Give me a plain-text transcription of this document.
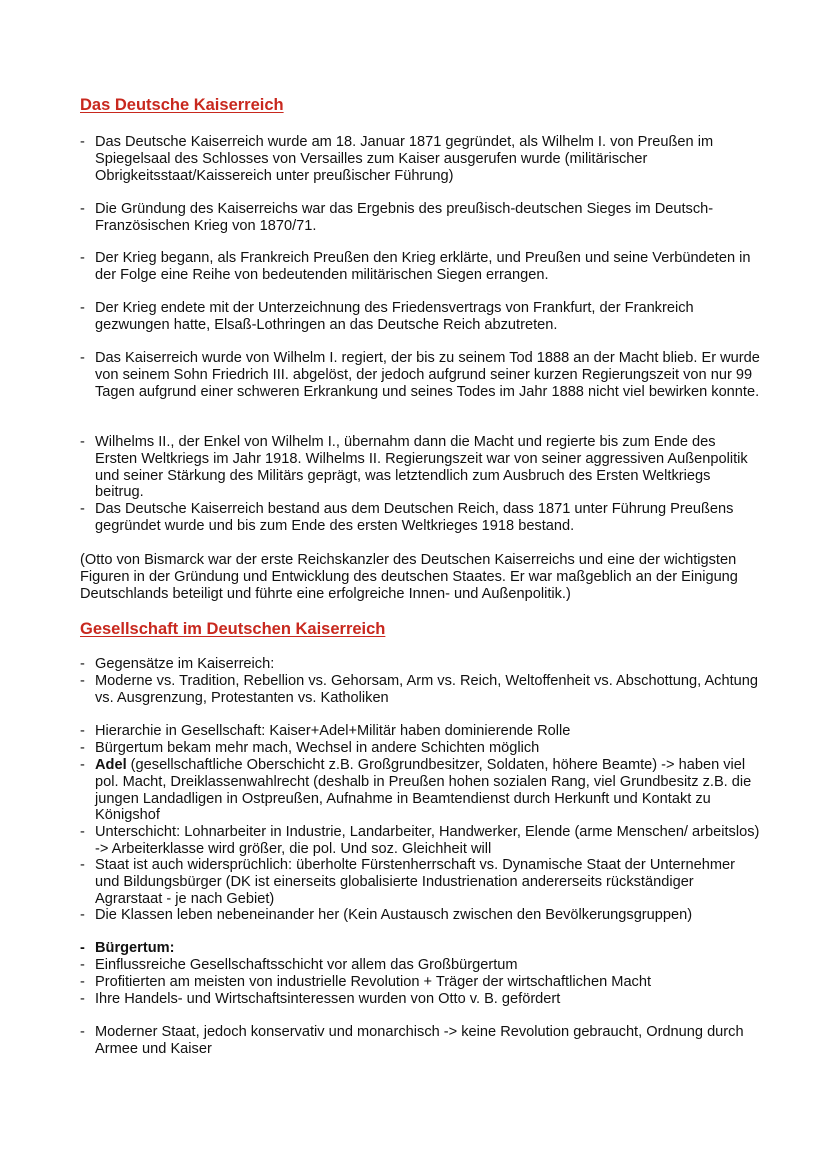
Das Deutsche Kaiserreich
- Das Deutsche Kaiserreich wurde am 18. Januar 1871 gegründet, als Wilhelm I. von Preußen im Spiegelsaal des Schlosses von Versailles zum Kaiser ausgerufen wurde (militärischer Obrigkeitsstaat/Kaissereich unter preußischer Führung)
- Die Gründung des Kaiserreichs war das Ergebnis des preußisch-deutschen Sieges im Deutsch-Französischen Krieg von 1870/71.
- Der Krieg begann, als Frankreich Preußen den Krieg erklärte, und Preußen und seine Verbündeten in der Folge eine Reihe von bedeutenden militärischen Siegen errangen.
- Der Krieg endete mit der Unterzeichnung des Friedensvertrags von Frankfurt, der Frankreich gezwungen hatte, Elsaß-Lothringen an das Deutsche Reich abzutreten.
- Das Kaiserreich wurde von Wilhelm I. regiert, der bis zu seinem Tod 1888 an der Macht blieb. Er wurde von seinem Sohn Friedrich III. abgelöst, der jedoch aufgrund seiner kurzen Regierungszeit von nur 99 Tagen aufgrund einer schweren Erkrankung und seines Todes im Jahr 1888 nicht viel bewirken konnte.
- Wilhelms II., der Enkel von Wilhelm I., übernahm dann die Macht und regierte bis zum Ende des Ersten Weltkriegs im Jahr 1918. Wilhelms II. Regierungszeit war von seiner aggressiven Außenpolitik und seiner Stärkung des Militärs geprägt, was letztendlich zum Ausbruch des Ersten Weltkriegs beitrug.
- Das Deutsche Kaiserreich bestand aus dem Deutschen Reich, dass 1871 unter Führung Preußens gegründet wurde und bis zum Ende des ersten Weltkrieges 1918 bestand.
(Otto von Bismarck war der erste Reichskanzler des Deutschen Kaiserreichs und eine der wichtigsten Figuren in der Gründung und Entwicklung des deutschen Staates. Er war maßgeblich an der Einigung Deutschlands beteiligt und führte eine erfolgreiche Innen- und Außenpolitik.)
Gesellschaft im Deutschen Kaiserreich
- Gegensätze im Kaiserreich:
- Moderne vs. Tradition, Rebellion vs. Gehorsam, Arm vs. Reich, Weltoffenheit vs. Abschottung, Achtung vs. Ausgrenzung, Protestanten vs. Katholiken
- Hierarchie in Gesellschaft: Kaiser+Adel+Militär haben dominierende Rolle
- Bürgertum bekam mehr mach, Wechsel in andere Schichten möglich
- Adel (gesellschaftliche Oberschicht z.B. Großgrundbesitzer, Soldaten, höhere Beamte) -> haben viel pol. Macht, Dreiklassenwahlrecht (deshalb in Preußen hohen sozialen Rang, viel Grundbesitz z.B. die jungen Landadligen in Ostpreußen, Aufnahme in Beamtendienst durch Herkunft und Kontakt zu Königshof
- Unterschicht: Lohnarbeiter in Industrie, Landarbeiter, Handwerker, Elende (arme Menschen/ arbeitslos) -> Arbeiterklasse wird größer, die pol. Und soz. Gleichheit will
- Staat ist auch widersprüchlich: überholte Fürstenherrschaft vs. Dynamische Staat der Unternehmer und Bildungsbürger (DK ist einerseits globalisierte Industrienation andererseits rückständiger Agrarstaat - je nach Gebiet)
- Die Klassen leben nebeneinander her (Kein Austausch zwischen den Bevölkerungsgruppen)
- Bürgertum:
- Einflussreiche Gesellschaftsschicht vor allem das Großbürgertum
- Profitierten am meisten von industrielle Revolution + Träger der wirtschaftlichen Macht
- Ihre Handels- und Wirtschaftsinteressen wurden von Otto v. B. gefördert
- Moderner Staat, jedoch konservativ und monarchisch -> keine Revolution gebraucht, Ordnung durch Armee und Kaiser
